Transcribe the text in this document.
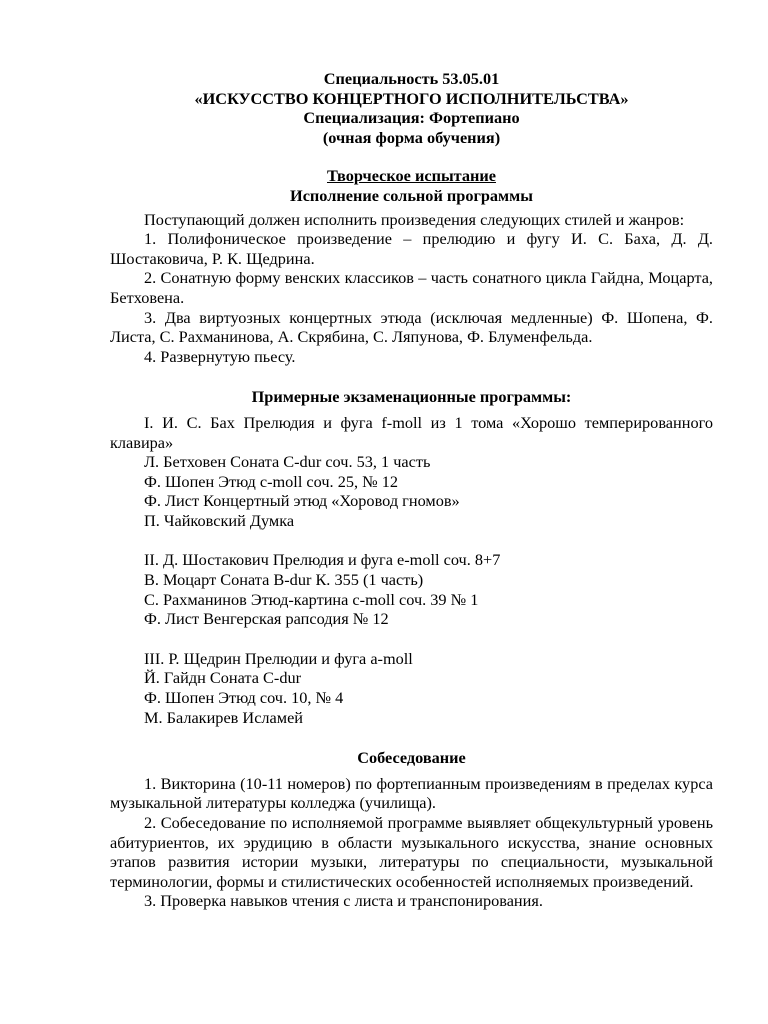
Специальность 53.05.01

«ИСКУССТВО КОНЦЕРТНОГО ИСПОЛНИТЕЛЬСТВА»

Специализация: Фортепиано

(очная форма обучения)

Творческое испытание

Исполнение сольной программы

Поступающий должен исполнить произведения следующих стилей и жанров:

1. Полифоническое произведение – прелюдию и фугу И. С. Баха, Д. Д. Шостаковича, Р. К. Щедрина.

2. Сонатную форму венских классиков – часть сонатного цикла Гайдна, Моцарта, Бетховена.

3. Два виртуозных концертных этюда (исключая медленные) Ф. Шопена, Ф. Листа, С. Рахманинова, А. Скрябина, С. Ляпунова, Ф. Блуменфельда.

4. Развернутую пьесу.

Примерные экзаменационные программы:

I. И. С. Бах Прелюдия и фуга f-moll из 1 тома «Хорошо темперированного клавира»

Л. Бетховен Соната С-dur соч. 53, 1 часть

Ф. Шопен Этюд c-moll соч. 25, № 12

Ф. Лист Концертный этюд «Хоровод гномов»

П. Чайковский Думка

II. Д. Шостакович Прелюдия и фуга e-moll соч. 8+7

В. Моцарт Соната B-dur К. 355 (1 часть)

С. Рахманинов Этюд-картина c-moll соч. 39 № 1

Ф. Лист Венгерская рапсодия № 12

III. Р. Щедрин Прелюдии и фуга a-moll

Й. Гайдн Соната С-dur

Ф. Шопен Этюд соч. 10, № 4

М. Балакирев Исламей

Собеседование

1. Викторина (10-11 номеров) по фортепианным произведениям в пределах курса музыкальной литературы колледжа (училища).

2. Собеседование по исполняемой программе выявляет общекультурный уровень абитуриентов, их эрудицию в области музыкального искусства, знание основных этапов развития истории музыки, литературы по специальности, музыкальной терминологии, формы и стилистических особенностей исполняемых произведений.

3. Проверка навыков чтения с листа и транспонирования.
